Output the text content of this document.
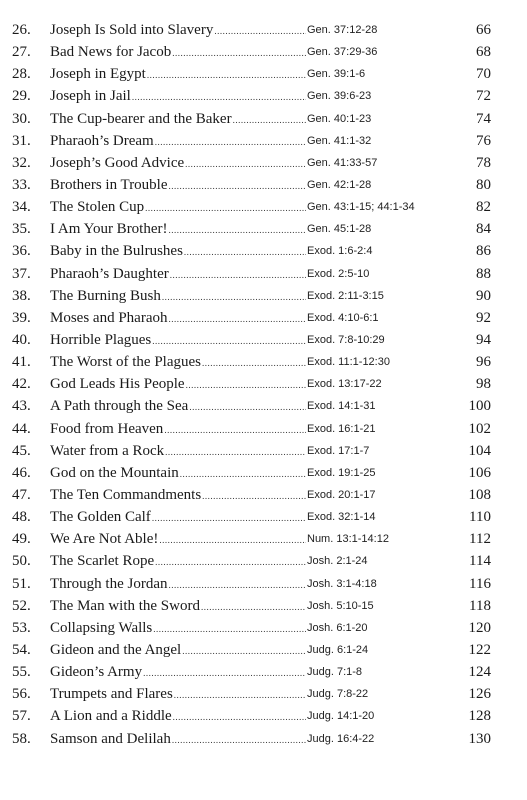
26.	Joseph Is Sold into Slavery .....	Gen. 37:12-28	66
27.	Bad News for Jacob .....	Gen. 37:29-36	68
28.	Joseph in Egypt .....	Gen. 39:1-6	70
29.	Joseph in Jail .....	Gen. 39:6-23	72
30.	The Cup-bearer and the Baker .....	Gen. 40:1-23	74
31.	Pharaoh’s Dream .....	Gen. 41:1-32	76
32.	Joseph’s Good Advice .....	Gen. 41:33-57	78
33.	Brothers in Trouble .....	Gen. 42:1-28	80
34.	The Stolen Cup .....	Gen. 43:1-15; 44:1-34	82
35.	I Am Your Brother! .....	Gen. 45:1-28	84
36.	Baby in the Bulrushes .....	Exod. 1:6-2:4	86
37.	Pharaoh’s Daughter .....	Exod. 2:5-10	88
38.	The Burning Bush .....	Exod. 2:11-3:15	90
39.	Moses and Pharaoh .....	Exod. 4:10-6:1	92
40.	Horrible Plagues .....	Exod. 7:8-10:29	94
41.	The Worst of the Plagues .....	Exod. 11:1-12:30	96
42.	God Leads His People .....	Exod. 13:17-22	98
43.	A Path through the Sea .....	Exod. 14:1-31	100
44.	Food from Heaven .....	Exod. 16:1-21	102
45.	Water from a Rock .....	Exod. 17:1-7	104
46.	God on the Mountain .....	Exod. 19:1-25	106
47.	The Ten Commandments .....	Exod. 20:1-17	108
48.	The Golden Calf .....	Exod. 32:1-14	110
49.	We Are Not Able! .....	Num. 13:1-14:12	112
50.	The Scarlet Rope .....	Josh. 2:1-24	114
51.	Through the Jordan .....	Josh. 3:1-4:18	116
52.	The Man with the Sword .....	Josh. 5:10-15	118
53.	Collapsing Walls .....	Josh. 6:1-20	120
54.	Gideon and the Angel .....	Judg. 6:1-24	122
55.	Gideon’s Army .....	Judg. 7:1-8	124
56.	Trumpets and Flares .....	Judg. 7:8-22	126
57.	A Lion and a Riddle .....	Judg. 14:1-20	128
58.	Samson and Delilah .....	Judg. 16:4-22	130
